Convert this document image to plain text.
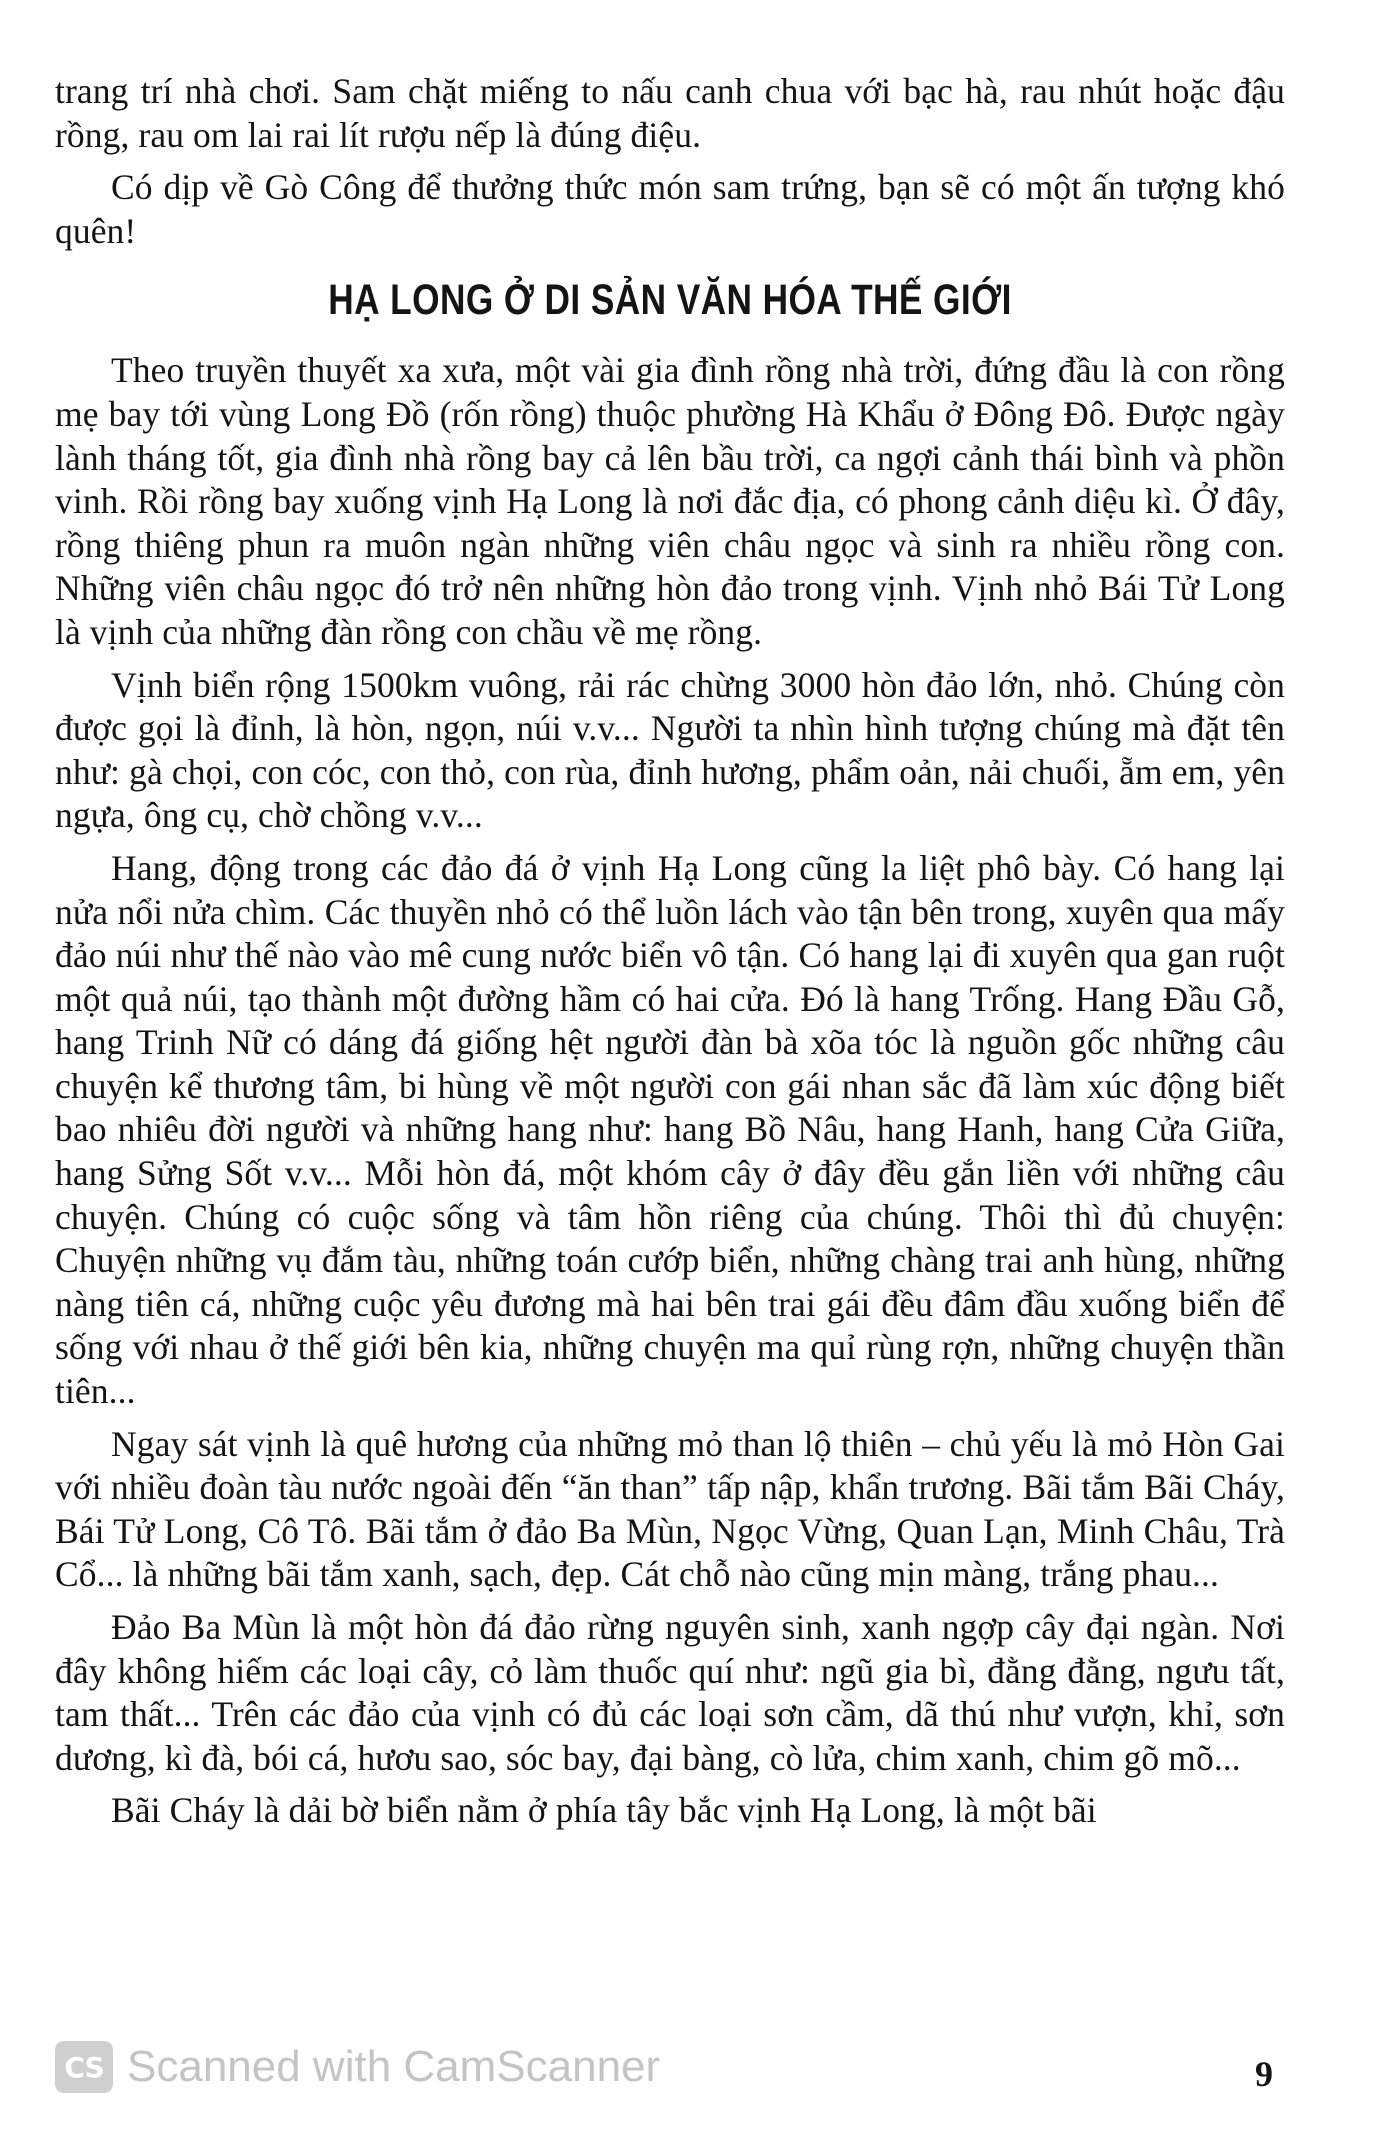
trang trí nhà chơi. Sam chặt miếng to nấu canh chua với bạc hà, rau nhút hoặc đậu rồng, rau om lai rai lít rượu nếp là đúng điệu.

Có dịp về Gò Công để thưởng thức món sam trứng, bạn sẽ có một ấn tượng khó quên!

HẠ LONG Ở DI SẢN VĂN HÓA THẾ GIỚI

Theo truyền thuyết xa xưa, một vài gia đình rồng nhà trời, đứng đầu là con rồng mẹ bay tới vùng Long Đồ (rốn rồng) thuộc phường Hà Khẩu ở Đông Đô. Được ngày lành tháng tốt, gia đình nhà rồng bay cả lên bầu trời, ca ngợi cảnh thái bình và phồn vinh. Rồi rồng bay xuống vịnh Hạ Long là nơi đắc địa, có phong cảnh diệu kì. Ở đây, rồng thiêng phun ra muôn ngàn những viên châu ngọc và sinh ra nhiều rồng con. Những viên châu ngọc đó trở nên những hòn đảo trong vịnh. Vịnh nhỏ Bái Tử Long là vịnh của những đàn rồng con chầu về mẹ rồng.

Vịnh biển rộng 1500km vuông, rải rác chừng 3000 hòn đảo lớn, nhỏ. Chúng còn được gọi là đỉnh, là hòn, ngọn, núi v.v... Người ta nhìn hình tượng chúng mà đặt tên như: gà chọi, con cóc, con thỏ, con rùa, đỉnh hương, phẩm oản, nải chuối, ẵm em, yên ngựa, ông cụ, chờ chồng v.v...

Hang, động trong các đảo đá ở vịnh Hạ Long cũng la liệt phô bày. Có hang lại nửa nổi nửa chìm. Các thuyền nhỏ có thể luồn lách vào tận bên trong, xuyên qua mấy đảo núi như thế nào vào mê cung nước biển vô tận. Có hang lại đi xuyên qua gan ruột một quả núi, tạo thành một đường hầm có hai cửa. Đó là hang Trống. Hang Đầu Gỗ, hang Trinh Nữ có dáng đá giống hệt người đàn bà xõa tóc là nguồn gốc những câu chuyện kể thương tâm, bi hùng về một người con gái nhan sắc đã làm xúc động biết bao nhiêu đời người và những hang như: hang Bồ Nâu, hang Hanh, hang Cửa Giữa, hang Sửng Sốt v.v... Mỗi hòn đá, một khóm cây ở đây đều gắn liền với những câu chuyện. Chúng có cuộc sống và tâm hồn riêng của chúng. Thôi thì đủ chuyện: Chuyện những vụ đắm tàu, những toán cướp biển, những chàng trai anh hùng, những nàng tiên cá, những cuộc yêu đương mà hai bên trai gái đều đâm đầu xuống biển để sống với nhau ở thế giới bên kia, những chuyện ma quỉ rùng rợn, những chuyện thần tiên...

Ngay sát vịnh là quê hương của những mỏ than lộ thiên – chủ yếu là mỏ Hòn Gai với nhiều đoàn tàu nước ngoài đến “ăn than” tấp nập, khẩn trương. Bãi tắm Bãi Cháy, Bái Tử Long, Cô Tô. Bãi tắm ở đảo Ba Mùn, Ngọc Vừng, Quan Lạn, Minh Châu, Trà Cổ... là những bãi tắm xanh, sạch, đẹp. Cát chỗ nào cũng mịn màng, trắng phau...

Đảo Ba Mùn là một hòn đá đảo rừng nguyên sinh, xanh ngợp cây đại ngàn. Nơi đây không hiếm các loại cây, cỏ làm thuốc quí như: ngũ gia bì, đằng đằng, ngưu tất, tam thất... Trên các đảo của vịnh có đủ các loại sơn cầm, dã thú như vượn, khỉ, sơn dương, kì đà, bói cá, hươu sao, sóc bay, đại bàng, cò lửa, chim xanh, chim gõ mõ...

Bãi Cháy là dải bờ biển nằm ở phía tây bắc vịnh Hạ Long, là một bãi

CS Scanned with CamScanner	9
